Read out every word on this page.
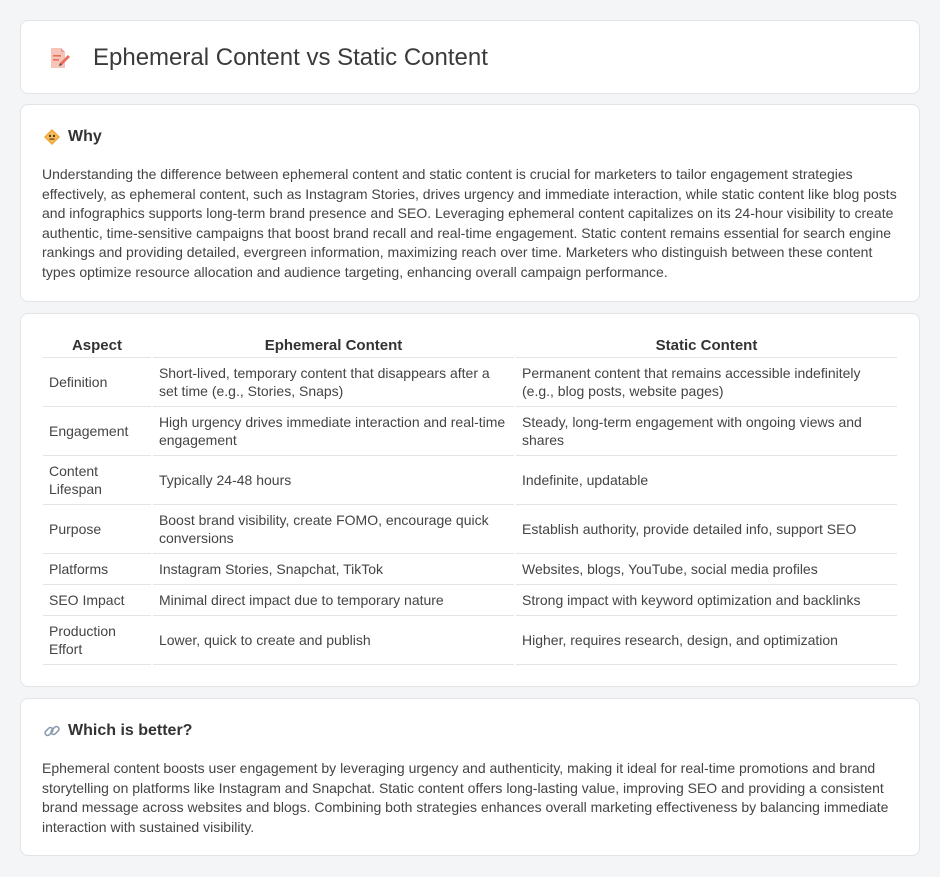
Ephemeral Content vs Static Content
Why

Understanding the difference between ephemeral content and static content is crucial for marketers to tailor engagement strategies effectively, as ephemeral content, such as Instagram Stories, drives urgency and immediate interaction, while static content like blog posts and infographics supports long-term brand presence and SEO. Leveraging ephemeral content capitalizes on its 24-hour visibility to create authentic, time-sensitive campaigns that boost brand recall and real-time engagement. Static content remains essential for search engine rankings and providing detailed, evergreen information, maximizing reach over time. Marketers who distinguish between these content types optimize resource allocation and audience targeting, enhancing overall campaign performance.

Aspect	Ephemeral Content	Static Content
Definition	Short-lived, temporary content that disappears after a set time (e.g., Stories, Snaps)	Permanent content that remains accessible indefinitely (e.g., blog posts, website pages)
Engagement	High urgency drives immediate interaction and real-time engagement	Steady, long-term engagement with ongoing views and shares
Content Lifespan	Typically 24-48 hours	Indefinite, updatable
Purpose	Boost brand visibility, create FOMO, encourage quick conversions	Establish authority, provide detailed info, support SEO
Platforms	Instagram Stories, Snapchat, TikTok	Websites, blogs, YouTube, social media profiles
SEO Impact	Minimal direct impact due to temporary nature	Strong impact with keyword optimization and backlinks
Production Effort	Lower, quick to create and publish	Higher, requires research, design, and optimization
Which is better?

Ephemeral content boosts user engagement by leveraging urgency and authenticity, making it ideal for real-time promotions and brand storytelling on platforms like Instagram and Snapchat. Static content offers long-lasting value, improving SEO and providing a consistent brand message across websites and blogs. Combining both strategies enhances overall marketing effectiveness by balancing immediate interaction with sustained visibility.
